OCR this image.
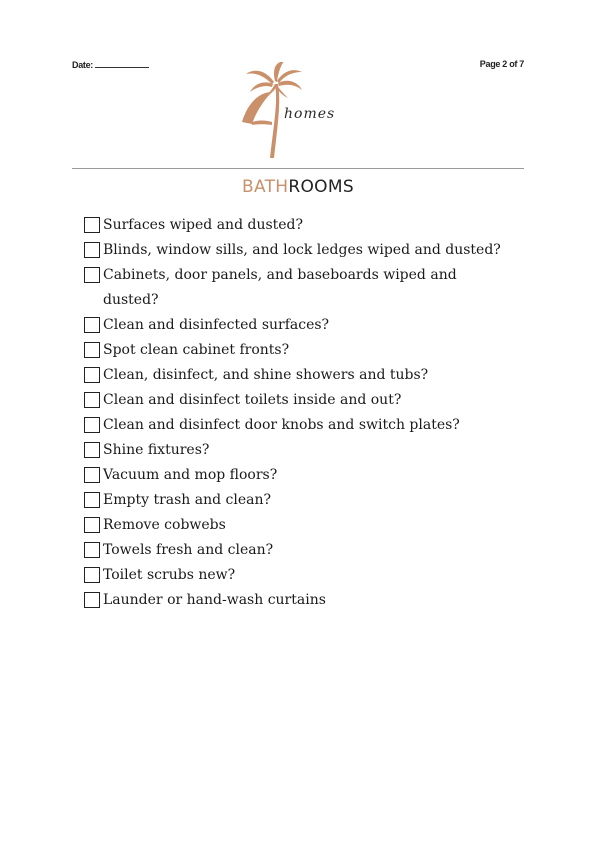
Date:	Page 2 of 7
homes
BATHROOMS
Surfaces wiped and dusted?
Blinds, window sills, and lock ledges wiped and dusted?
Cabinets, door panels, and baseboards wiped and dusted?
Clean and disinfected surfaces?
Spot clean cabinet fronts?
Clean, disinfect, and shine showers and tubs?
Clean and disinfect toilets inside and out?
Clean and disinfect door knobs and switch plates?
Shine fixtures?
Vacuum and mop floors?
Empty trash and clean?
Remove cobwebs
Towels fresh and clean?
Toilet scrubs new?
Launder or hand-wash curtains
